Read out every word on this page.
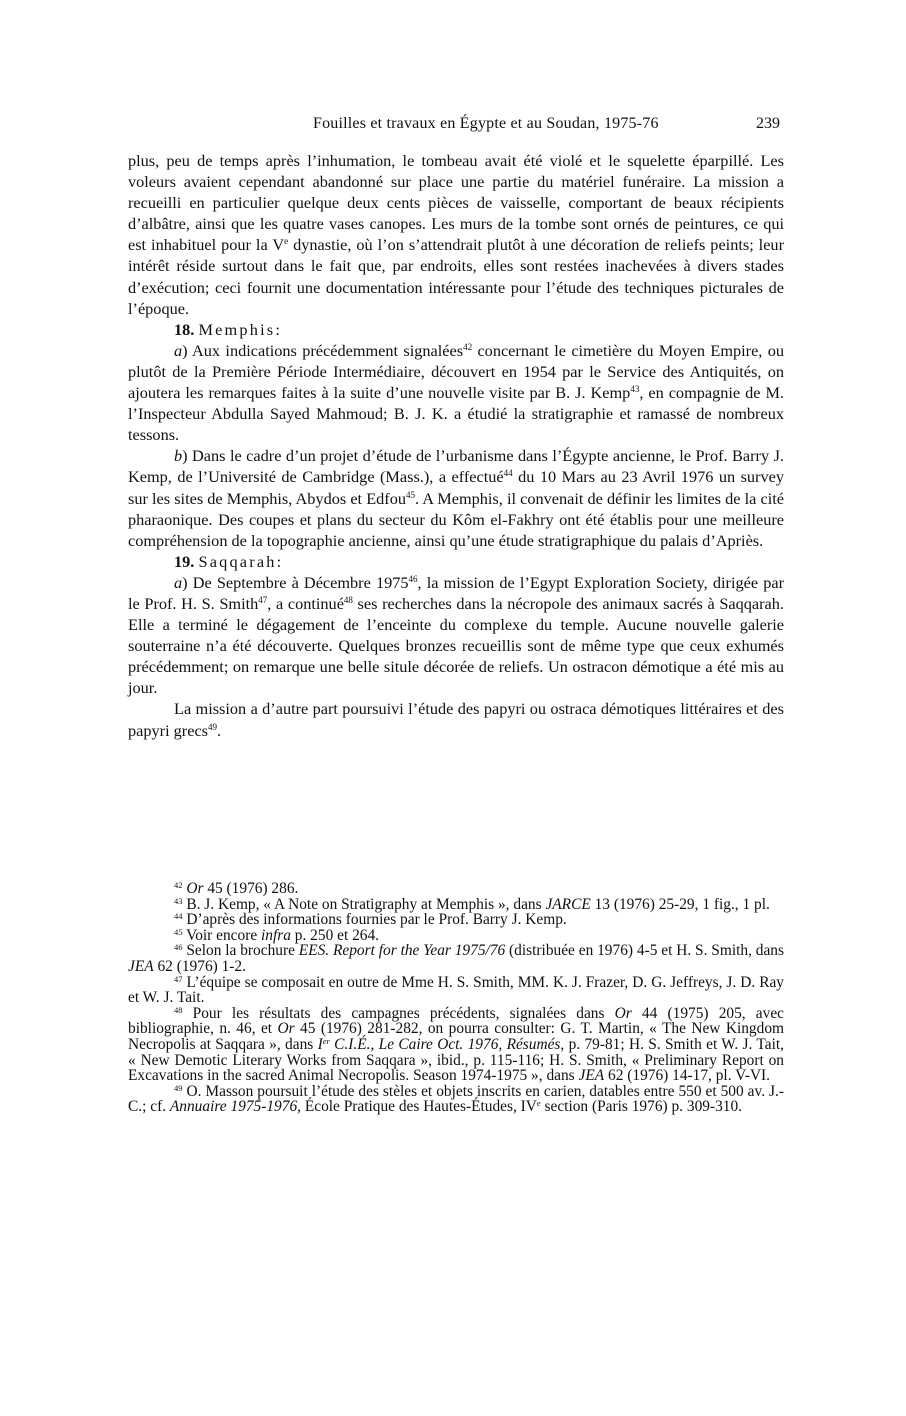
Fouilles et travaux en Égypte et au Soudan, 1975-76	239

plus, peu de temps après l’inhumation, le tombeau avait été violé et le squelette éparpillé. Les voleurs avaient cependant abandonné sur place une partie du matériel funéraire. La mission a recueilli en particulier quelque deux cents pièces de vaisselle, comportant de beaux récipients d’albâtre, ainsi que les quatre vases canopes. Les murs de la tombe sont ornés de peintures, ce qui est inhabituel pour la Ve dynastie, où l’on s’attendrait plutôt à une décoration de reliefs peints; leur intérêt réside surtout dans le fait que, par endroits, elles sont restées inachevées à divers stades d’exécution; ceci fournit une documentation intéressante pour l’étude des techniques picturales de l’époque.

18. Memphis:

a) Aux indications précédemment signalées$^{42}$ concernant le cimetière du Moyen Empire, ou plutôt de la Première Période Intermédiaire, découvert en 1954 par le Service des Antiquités, on ajoutera les remarques faites à la suite d’une nouvelle visite par B. J. Kemp$^{43}$, en compagnie de M. l’Inspecteur Abdulla Sayed Mahmoud; B. J. K. a étudié la stratigraphie et ramassé de nombreux tessons.

b) Dans le cadre d’un projet d’étude de l’urbanisme dans l’Égypte ancienne, le Prof. Barry J. Kemp, de l’Université de Cambridge (Mass.), a effectué$^{44}$ du 10 Mars au 23 Avril 1976 un survey sur les sites de Memphis, Abydos et Edfou$^{45}$. A Memphis, il convenait de définir les limites de la cité pharaonique. Des coupes et plans du secteur du Kôm el-Fakhry ont été établis pour une meilleure compréhension de la topographie ancienne, ainsi qu’une étude stratigraphique du palais d’Apriès.

19. Saqqarah:

a) De Septembre à Décembre 1975$^{46}$, la mission de l’Egypt Exploration Society, dirigée par le Prof. H. S. Smith$^{47}$, a continué$^{48}$ ses recherches dans la nécropole des animaux sacrés à Saqqarah. Elle a terminé le dégagement de l’enceinte du complexe du temple. Aucune nouvelle galerie souterraine n’a été découverte. Quelques bronzes recueillis sont de même type que ceux exhumés précédemment; on remarque une belle situle décorée de reliefs. Un ostracon démotique a été mis au jour.

La mission a d’autre part poursuivi l’étude des papyri ou ostraca démotiques littéraires et des papyri grecs$^{49}$.

$^{42}$ Or 45 (1976) 286.

$^{43}$ B. J. Kemp, « A Note on Stratigraphy at Memphis », dans JARCE 13 (1976) 25-29, 1 fig., 1 pl.

$^{44}$ D’après des informations fournies par le Prof. Barry J. Kemp.

$^{45}$ Voir encore infra p. 250 et 264.

$^{46}$ Selon la brochure EES. Report for the Year 1975/76 (distribuée en 1976) 4-5 et H. S. Smith, dans JEA 62 (1976) 1-2.

$^{47}$ L’équipe se composait en outre de Mme H. S. Smith, MM. K. J. Frazer, D. G. Jeffreys, J. D. Ray et W. J. Tait.

$^{48}$ Pour les résultats des campagnes précédents, signalées dans Or 44 (1975) 205, avec bibliographie, n. 46, et Or 45 (1976) 281-282, on pourra consulter: G. T. Martin, « The New Kingdom Necropolis at Saqqara », dans Ier C.I.É., Le Caire Oct. 1976, Résumés, p. 79-81; H. S. Smith et W. J. Tait, « New Demotic Literary Works from Saqqara », ibid., p. 115-116; H. S. Smith, « Preliminary Report on Excavations in the sacred Animal Necropolis. Season 1974-1975 », dans JEA 62 (1976) 14-17, pl. V-VI.

$^{49}$ O. Masson poursuit l’étude des stèles et objets inscrits en carien, datables entre 550 et 500 av. J.-C.; cf. Annuaire 1975-1976, École Pratique des Hautes-Études, IVe section (Paris 1976) p. 309-310.
